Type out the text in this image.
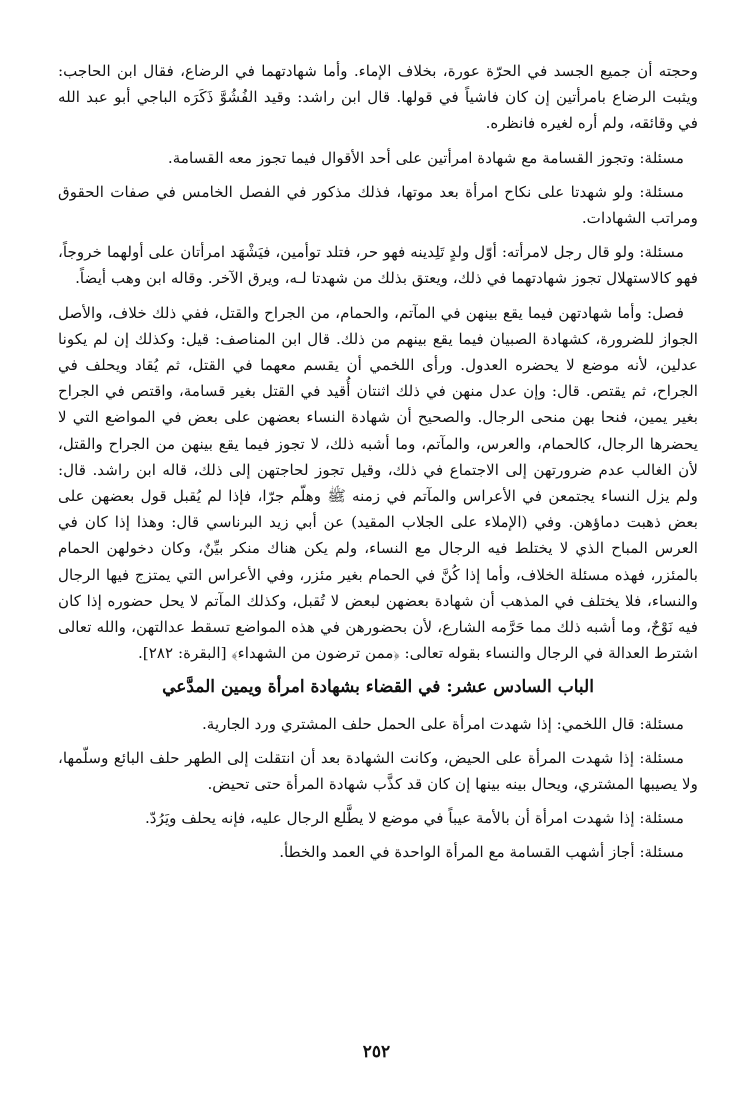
وحجته أن جميع الجسد في الحرّة عورة، بخلاف الإماء. وأما شهادتهما في الرضاع، فقال ابن الحاجب: ويثبت الرضاع بامرأتين إن كان فاشياً في قولها. قال ابن راشد: وقيد الفُشُوَّ ذَكَرَه الباجي أبو عبد الله في وقائقه، ولم أره لغيره فانظره.

مسئلة: وتجوز القسامة مع شهادة امرأتين على أحد الأقوال فيما تجوز معه القسامة.

مسئلة: ولو شهدتا على نكاح امرأة بعد موتها، فذلك مذكور في الفصل الخامس في صفات الحقوق ومراتب الشهادات.

مسئلة: ولو قال رجل لامرأته: أوّل ولدٍ تَلِدينه فهو حر، فتلد توأمين، فيَشْهَد امرأتان على أولهما خروجاً، فهو كالاستهلال تجوز شهادتهما في ذلك، ويعتق بذلك من شهدتا لـه، ويرق الآخر. وقاله ابن وهب أيضاً.

فصل: وأما شهادتهن فيما يقع بينهن في المآتم، والحمام، من الجراح والقتل، ففي ذلك خلاف، والأصل الجواز للضرورة، كشهادة الصبيان فيما يقع بينهم من ذلك. قال ابن المناصف: قيل: وكذلك إن لم يكونا عدلين، لأنه موضع لا يحضره العدول. ورأى اللخمي أن يقسم معهما في القتل، ثم يُقاد ويحلف في الجراح، ثم يقتص. قال: وإن عدل منهن في ذلك اثنتان أُقيد في القتل بغير قسامة، واقتص في الجراح بغير يمين، فنحا بهن منحى الرجال. والصحيح أن شهادة النساء بعضهن على بعض في المواضع التي لا يحضرها الرجال، كالحمام، والعرس، والمآتم، وما أشبه ذلك، لا تجوز فيما يقع بينهن من الجراح والقتل، لأن الغالب عدم ضرورتهن إلى الاجتماع في ذلك، وقيل تجوز لحاجتهن إلى ذلك، قاله ابن راشد. قال: ولم يزل النساء يجتمعن في الأعراس والمآتم في زمنه ﷺ وهلّم جرّا، فإذا لم يُقبل قول بعضهن على بعض ذهبت دماؤهن. وفي (الإملاء على الجلاب المقيد) عن أبي زيد البرناسي قال: وهذا إذا كان في العرس المباح الذي لا يختلط فيه الرجال مع النساء، ولم يكن هناك منكر بيِّنٌ، وكان دخولهن الحمام بالمئزر، فهذه مسئلة الخلاف، وأما إذا كُنَّ في الحمام بغير مئزر، وفي الأعراس التي يمتزج فيها الرجال والنساء، فلا يختلف في المذهب أن شهادة بعضهن لبعض لا تُقبل، وكذلك المآتم لا يحل حضوره إذا كان فيه نَوْحٌ، وما أشبه ذلك مما حَرَّمه الشارع، لأن بحضورهن في هذه المواضع تسقط عدالتهن، والله تعالى اشترط العدالة في الرجال والنساء بقوله تعالى: ﴿ممن ترضون من الشهداء﴾ [البقرة: ٢٨٢].

الباب السادس عشر: في القضاء بشهادة امرأة ويمين المدَّعي

مسئلة: قال اللخمي: إذا شهدت امرأة على الحمل حلف المشتري ورد الجارية.

مسئلة: إذا شهدت المرأة على الحيض، وكانت الشهادة بعد أن انتقلت إلى الطهر حلف البائع وسلّمها، ولا يصيبها المشتري، ويحال بينه بينها إن كان قد كذَّب شهادة المرأة حتى تحيض.

مسئلة: إذا شهدت امرأة أن بالأمة عيباً في موضع لا يطَّلع الرجال عليه، فإنه يحلف ويَرُدّ.

مسئلة: أجاز أشهب القسامة مع المرأة الواحدة في العمد والخطأ.

٢٥٢
